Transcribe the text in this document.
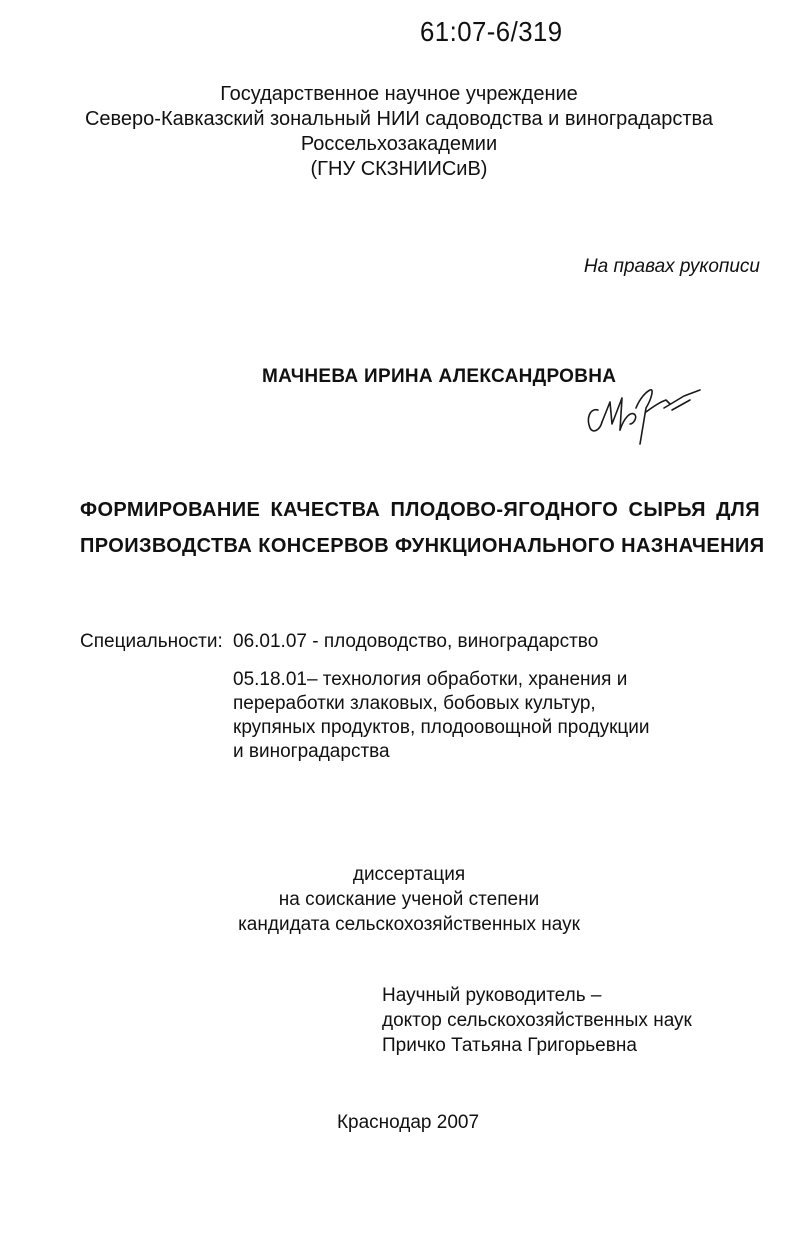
61:07-6/319
Государственное научное учреждение
Северо-Кавказский зональный НИИ садоводства и виноградарства
Россельхозакадемии
(ГНУ СКЗНИИСиВ)
На правах рукописи
МАЧНЕВА ИРИНА АЛЕКСАНДРОВНА
ФОРМИРОВАНИЕ КАЧЕСТВА ПЛОДОВО-ЯГОДНОГО СЫРЬЯ ДЛЯ
ПРОИЗВОДСТВА КОНСЕРВОВ ФУНКЦИОНАЛЬНОГО НАЗНАЧЕНИЯ
Специальности: 06.01.07 - плодоводство, виноградарство
05.18.01– технология обработки, хранения и
переработки злаковых, бобовых культур,
крупяных продуктов, плодоовощной продукции
и виноградарства
диссертация
на соискание ученой степени
кандидата сельскохозяйственных наук
Научный руководитель –
доктор сельскохозяйственных наук
Причко Татьяна Григорьевна
Краснодар 2007
